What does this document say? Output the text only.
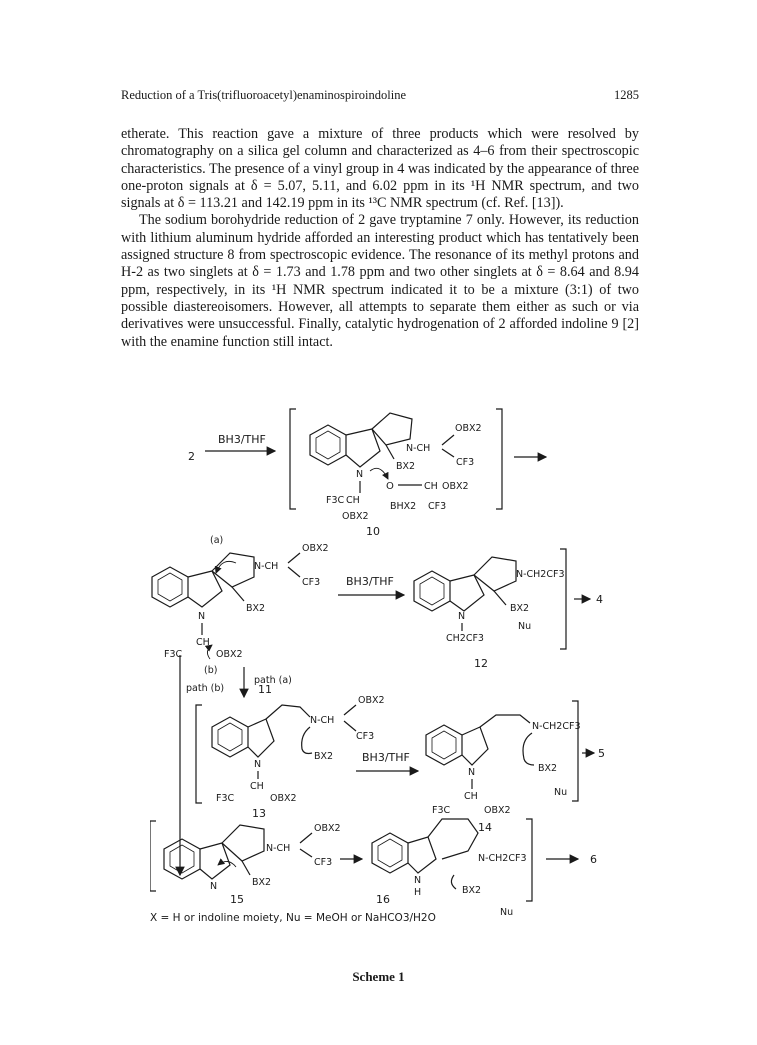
Reduction of a Tris(trifluoroacetyl)enaminospiroindoline	1285

etherate. This reaction gave a mixture of three products which were resolved by chromatography on a silica gel column and characterized as 4–6 from their spectroscopic characteristics. The presence of a vinyl group in 4 was indicated by the appearance of three one-proton signals at δ = 5.07, 5.11, and 6.02 ppm in its ¹H NMR spectrum, and two signals at δ = 113.21 and 142.19 ppm in its ¹³C NMR spectrum (cf. Ref. [13]).

The sodium borohydride reduction of 2 gave tryptamine 7 only. However, its reduction with lithium aluminum hydride afforded an interesting product which has tentatively been assigned structure 8 from spectroscopic evidence. The resonance of its methyl protons and H-2 as two singlets at δ = 1.73 and 1.78 ppm and two other singlets at δ = 8.64 and 8.94 ppm, respectively, in its ¹H NMR spectrum indicated it to be a mixture (3:1) of two possible diastereoisomers. However, all attempts to separate them either as such or via derivatives were unsuccessful. Finally, catalytic hydrogenation of 2 afforded indoline 9 [2] with the enamine function still intact.

2
BH3/THF
N-CH
OBX2
CF3
BX2
N
F3C CH
OBX2
O	CH OBX2
BHX2 CF3
10
(a)
N-CH
OBX2
CF3
BX2
N
CH
F3C	OBX2
(b)
11
BH3/THF
N-CH2CF3
BX2
Nu
N
CH2CF3
4
12
path (b)
path (a)
N-CH
OBX2
CF3
BX2
N
CH
F3C	OBX2
13
BH3/THF
N-CH2CF3
BX2
Nu
N
CH
F3C	OBX2
5
14
N-CH
OBX2
CF3
BX2
N
15
N-CH2CF3
N
H	BX2
Nu
16
6
X = H or indoline moiety, Nu = MeOH or NaHCO3/H2O
Scheme 1
